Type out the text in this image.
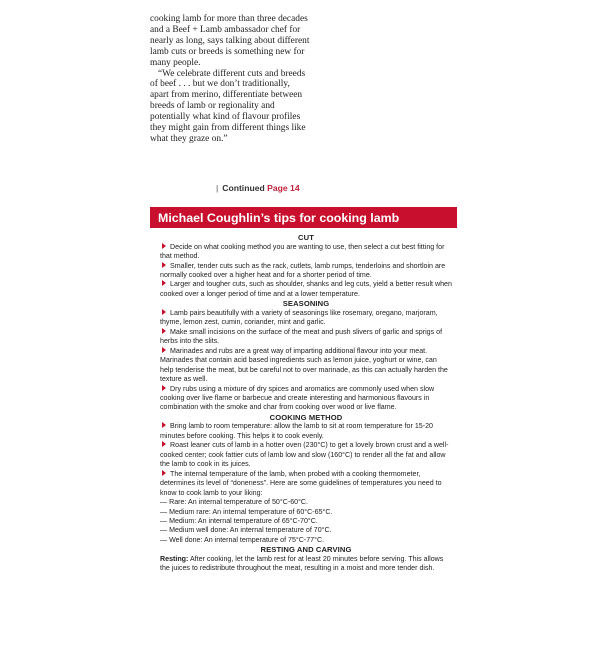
cooking lamb for more than three decades and a Beef + Lamb ambassador chef for nearly as long, says talking about different lamb cuts or breeds is something new for many people.

“We celebrate different cuts and breeds of beef . . . but we don’t traditionally, apart from merino, differentiate between breeds of lamb or regionality and potentially what kind of flavour profiles they might gain from different things like what they graze on.”

| Continued Page 14
Michael Coughlin’s tips for cooking lamb
CUT

Decide on what cooking method you are wanting to use, then select a cut best fitting for that method.

Smaller, tender cuts such as the rack, cutlets, lamb rumps, tenderloins and shortloin are normally cooked over a higher heat and for a shorter period of time.

Larger and tougher cuts, such as shoulder, shanks and leg cuts, yield a better result when cooked over a longer period of time and at a lower temperature.

SEASONING

Lamb pairs beautifully with a variety of seasonings like rosemary, oregano, marjoram, thyme, lemon zest, cumin, coriander, mint and garlic.

Make small incisions on the surface of the meat and push slivers of garlic and sprigs of herbs into the slits.

Marinades and rubs are a great way of imparting additional flavour into your meat. Marinades that contain acid based ingredients such as lemon juice, yoghurt or wine, can help tenderise the meat, but be careful not to over marinade, as this can actually harden the texture as well.

Dry rubs using a mixture of dry spices and aromatics are commonly used when slow cooking over live flame or barbecue and create interesting and harmonious flavours in combination with the smoke and char from cooking over wood or live flame.

COOKING METHOD

Bring lamb to room temperature: allow the lamb to sit at room temperature for 15-20 minutes before cooking. This helps it to cook evenly.

Roast leaner cuts of lamb in a hotter oven (230°C) to get a lovely brown crust and a well-cooked center; cook fattier cuts of lamb low and slow (160°C) to render all the fat and allow the lamb to cook in its juices.

The internal temperature of the lamb, when probed with a cooking thermometer, determines its level of “doneness”. Here are some guidelines of temperatures you need to know to cook lamb to your liking:

— Rare: An internal temperature of 50°C-60°C.

— Medium rare: An internal temperature of 60°C-65°C.

— Medium: An internal temperature of 65°C-70°C.

— Medium well done: An internal temperature of 70°C.

— Well done: An internal temperature of 75°C-77°C.

RESTING AND CARVING

Resting: After cooking, let the lamb rest for at least 20 minutes before serving. This allows the juices to redistribute throughout the meat, resulting in a moist and more tender dish.
